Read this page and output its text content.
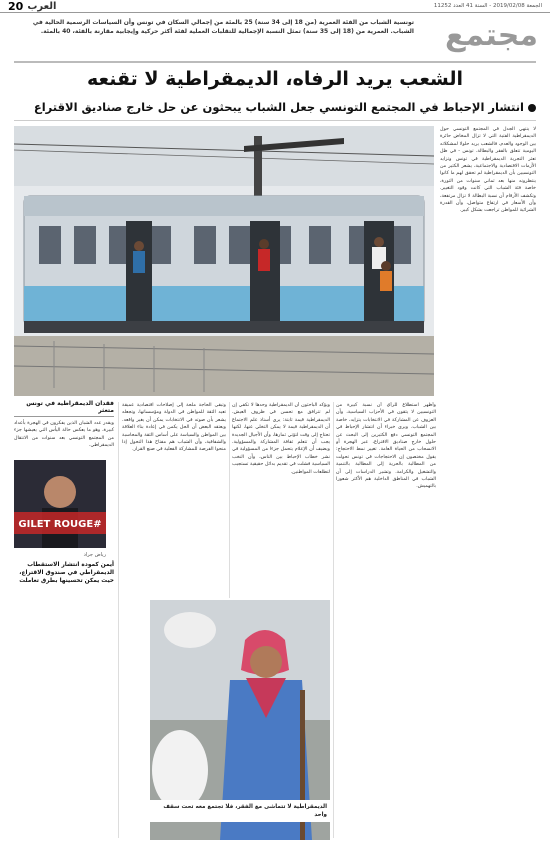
الجمعة 2019/02/08 - السنة 41 العدد 11252
العرب
20
مجتمع
تونسية الشباب من الفئة العمرية (من 18 إلى 34 سنة) 25 بالمئة من إجمالي السكان في تونس وأن السياسات الرسمية الحالية في الشباب. العمرية من (18 إلى 35 سنة) تمثل النسبة الإجمالية للتقلبات العملية لفئة أكثر حركية وإيجابية مقارنة بالفئة، 40 بالمئة.
الشعب يريد الرفاه، الديمقراطية لا تقنعه
انتشار الإحباط في المجتمع التونسي جعل الشباب يبحثون عن حل خارج صناديق الاقتراع

لا ينتهي الجدل في المجتمع التونسي حول الديمقراطية الفتية التي لا تزال المخاض حائرة بين الوجود والعدم، فالشعب يريد حلولا لمشكلاته اليومية تتعلق بالفقر والبطالة. تونس - في ظل تعثر التجربة الديمقراطية في تونس وتزايد الأزمات الاقتصادية والاجتماعية، يشعر الكثير من التونسيين بأن الديمقراطية لم تحقق لهم ما كانوا ينتظرونه منها بعد ثماني سنوات من الثورة، خاصة فئة الشباب التي كانت وقود التغيير. وتكشف الأرقام أن نسبة البطالة لا تزال مرتفعة، وأن الأسعار في ارتفاع متواصل، وأن القدرة الشرائية للمواطن تراجعت بشكل كبير.

وأظهر استطلاع للرأي أن نسبة كبيرة من التونسيين لا يثقون في الأحزاب السياسية، وأن العزوف عن المشاركة في الانتخابات يتزايد، خاصة بين الشباب. ويرى خبراء أن انتشار الإحباط في المجتمع التونسي دفع الكثيرين إلى البحث عن حلول خارج صناديق الاقتراع، عبر الهجرة أو الانسحاب من الحياة العامة. تغيير نمط الاحتجاج: يقول مختصون إن الاحتجاجات في تونس تحولت من المطالبة بالحرية إلى المطالبة بالتنمية والتشغيل والكرامة. وتشير الدراسات إلى أن الشباب في المناطق الداخلية هم الأكثر شعورا بالتهميش.

ويؤكد الباحثون أن الديمقراطية وحدها لا تكفي إن لم تترافق مع تحسن في ظروف العيش. الديمقراطية قيمة ثابتة: يرى أستاذ علم الاجتماع أن الديمقراطية قيمة لا يمكن التخلي عنها، لكنها تحتاج إلى وقت لتؤتي ثمارها، وأن الأجيال الجديدة يجب أن تتعلم ثقافة المشاركة والمسؤولية. ويضيف أن الإعلام يتحمل جزءا من المسؤولية في نشر خطاب الإحباط بين الناس، وأن النخب السياسية فشلت في تقديم بدائل حقيقية تستجيب لتطلعات المواطنين.

وتبقى الحاجة ملحة إلى إصلاحات اقتصادية عميقة تعيد الثقة للمواطن في الدولة ومؤسساتها، وتجعله يشعر بأن صوته في الانتخابات يمكن أن يغير واقعه. ويعتقد البعض أن الحل يكمن في إعادة بناء العلاقة بين المواطن والسياسة على أساس الثقة والمحاسبة والشفافية، وأن الشباب هم مفتاح هذا التحول إذا منحوا الفرصة للمشاركة الفعلية في صنع القرار.

فقدان الديمقراطية في تونس متعثر
ويقدر عدد الشبان الذين يفكرون في الهجرة بأعداد كبيرة، وهو ما يعكس حالة اليأس التي يعيشها جزء من المجتمع التونسي بعد سنوات من الانتقال الديمقراطي.
#GILET ROUGE
رياض جراد
أيمن كمودة انتشار الاستقطاب الديمقراطي في صندوق الاقتراع، حيث يمكن تحسينها بطرق تعاملت
الديمقراطية لا تتماشى مع الفقر، فلا تجتمع معه تحت سقف واحد
